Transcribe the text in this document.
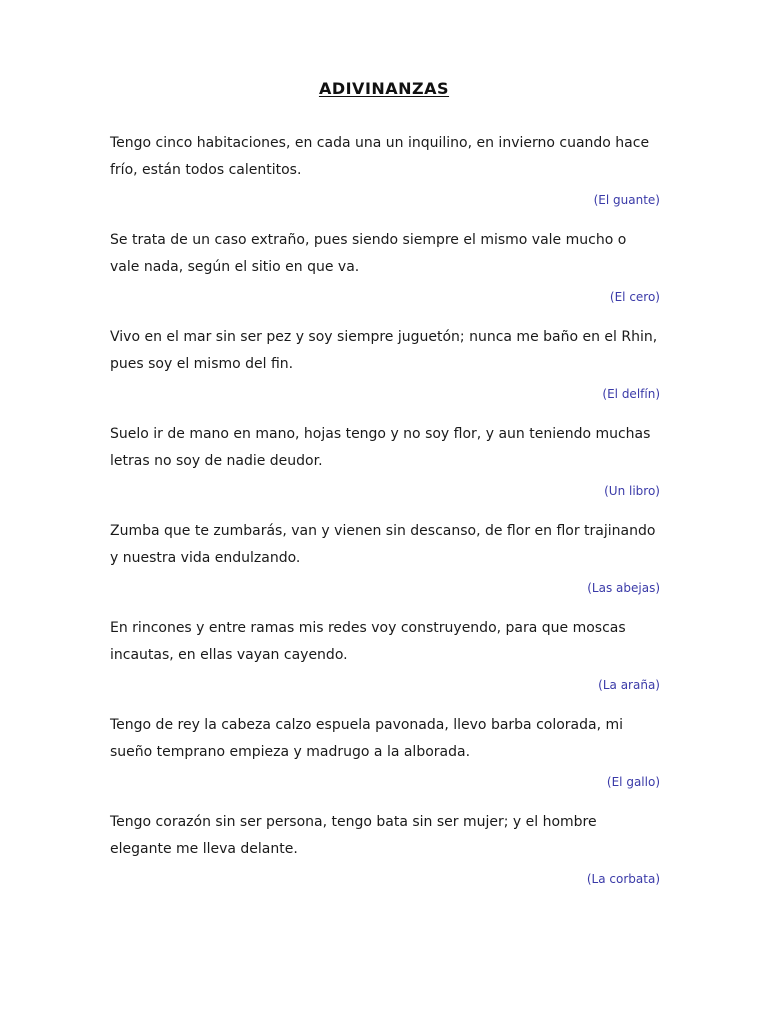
ADIVINANZAS

Tengo cinco habitaciones, en cada una un inquilino, en invierno cuando hace frío, están todos calentitos.

(El guante)

Se trata de un caso extraño, pues siendo siempre el mismo vale mucho o vale nada, según el sitio en que va.

(El cero)

Vivo en el mar sin ser pez y soy siempre juguetón; nunca me baño en el Rhin, pues soy el mismo del fin.

(El delfín)

Suelo ir de mano en mano, hojas tengo y no soy flor, y aun teniendo muchas letras no soy de nadie deudor.

(Un libro)

Zumba que te zumbarás, van y vienen sin descanso, de flor en flor trajinando y nuestra vida endulzando.

(Las abejas)

En rincones y entre ramas mis redes voy construyendo, para que moscas incautas, en ellas vayan cayendo.

(La araña)

Tengo de rey la cabeza calzo espuela pavonada, llevo barba colorada, mi sueño temprano empieza y madrugo a la alborada.

(El gallo)

Tengo corazón sin ser persona, tengo bata sin ser mujer; y el hombre elegante me lleva delante.

(La corbata)
